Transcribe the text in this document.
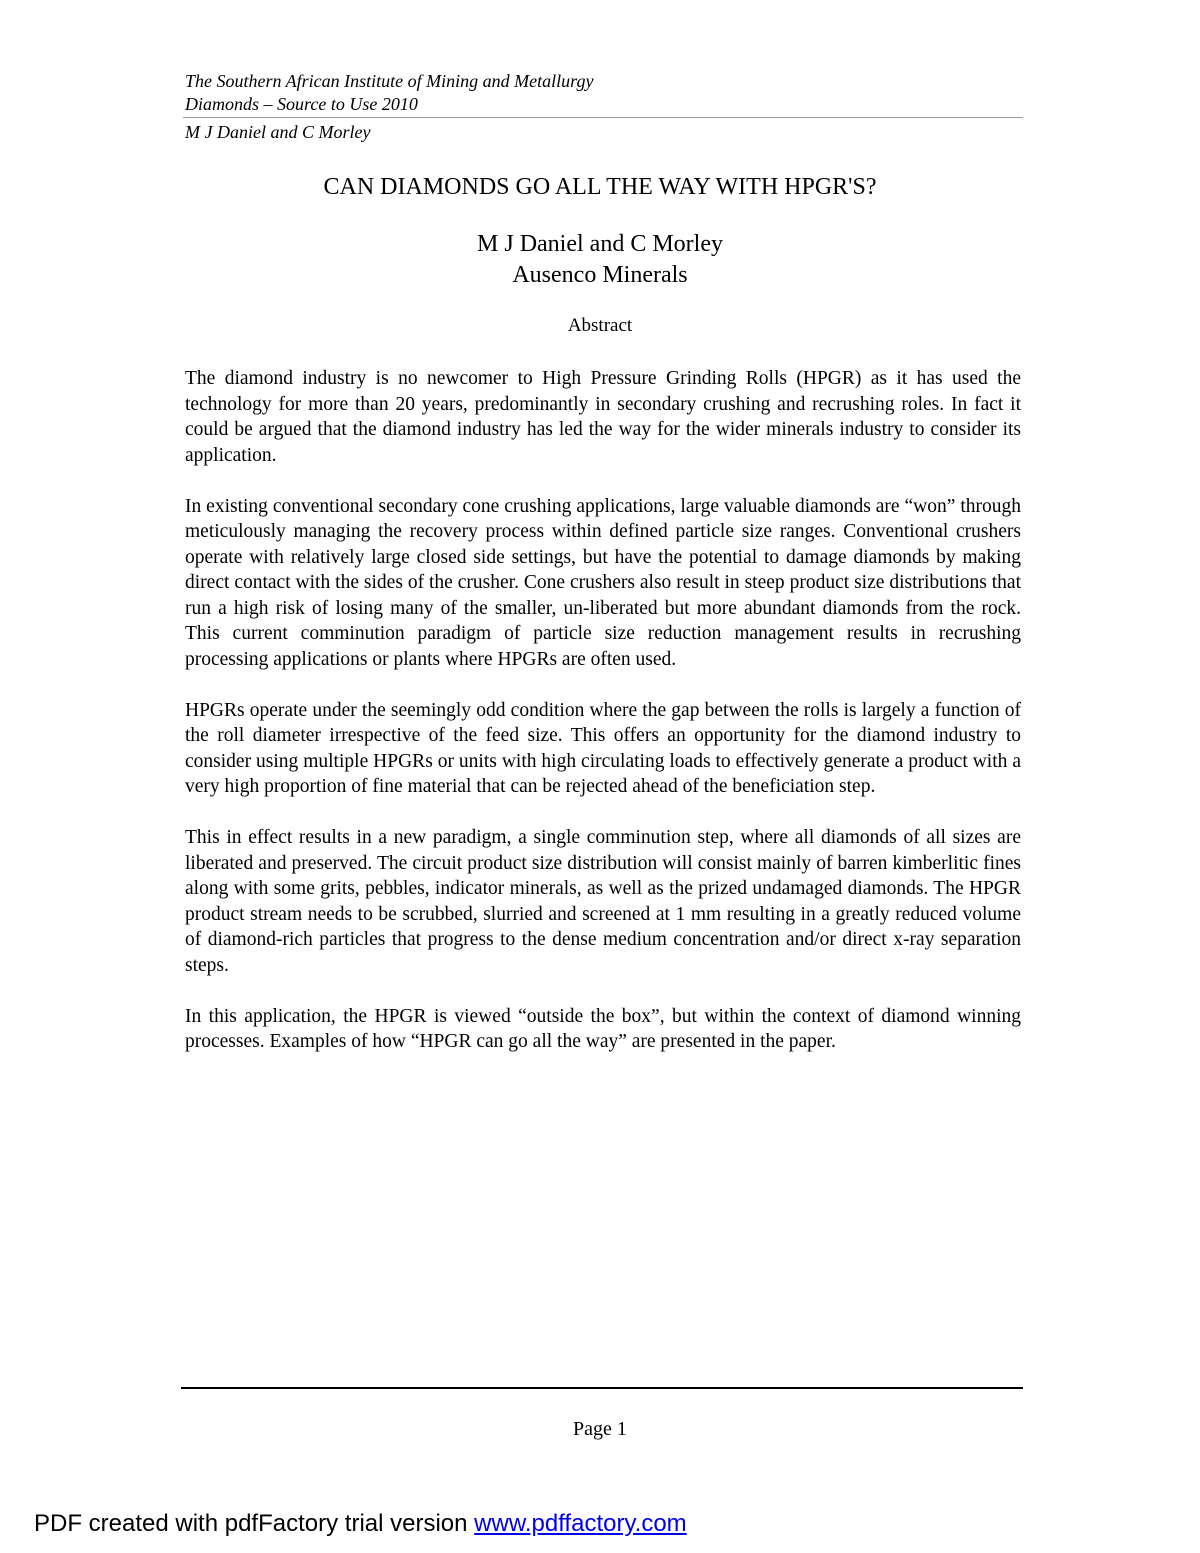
The Southern African Institute of Mining and Metallurgy
Diamonds – Source to Use 2010
M J Daniel and C Morley
CAN DIAMONDS GO ALL THE WAY WITH HPGR'S?
M J Daniel and C Morley
Ausenco Minerals
Abstract

The diamond industry is no newcomer to High Pressure Grinding Rolls (HPGR) as it has used the technology for more than 20 years, predominantly in secondary crushing and recrushing roles. In fact it could be argued that the diamond industry has led the way for the wider minerals industry to consider its application.

In existing conventional secondary cone crushing applications, large valuable diamonds are “won” through meticulously managing the recovery process within defined particle size ranges. Conventional crushers operate with relatively large closed side settings, but have the potential to damage diamonds by making direct contact with the sides of the crusher. Cone crushers also result in steep product size distributions that run a high risk of losing many of the smaller, un-liberated but more abundant diamonds from the rock. This current comminution paradigm of particle size reduction management results in recrushing processing applications or plants where HPGRs are often used.

HPGRs operate under the seemingly odd condition where the gap between the rolls is largely a function of the roll diameter irrespective of the feed size. This offers an opportunity for the diamond industry to consider using multiple HPGRs or units with high circulating loads to effectively generate a product with a very high proportion of fine material that can be rejected ahead of the beneficiation step.

This in effect results in a new paradigm, a single comminution step, where all diamonds of all sizes are liberated and preserved. The circuit product size distribution will consist mainly of barren kimberlitic fines along with some grits, pebbles, indicator minerals, as well as the prized undamaged diamonds. The HPGR product stream needs to be scrubbed, slurried and screened at 1 mm resulting in a greatly reduced volume of diamond-rich particles that progress to the dense medium concentration and/or direct x-ray separation steps.

In this application, the HPGR is viewed “outside the box”, but within the context of diamond winning processes. Examples of how “HPGR can go all the way” are presented in the paper.

Page 1
PDF created with pdfFactory trial version www.pdffactory.com
